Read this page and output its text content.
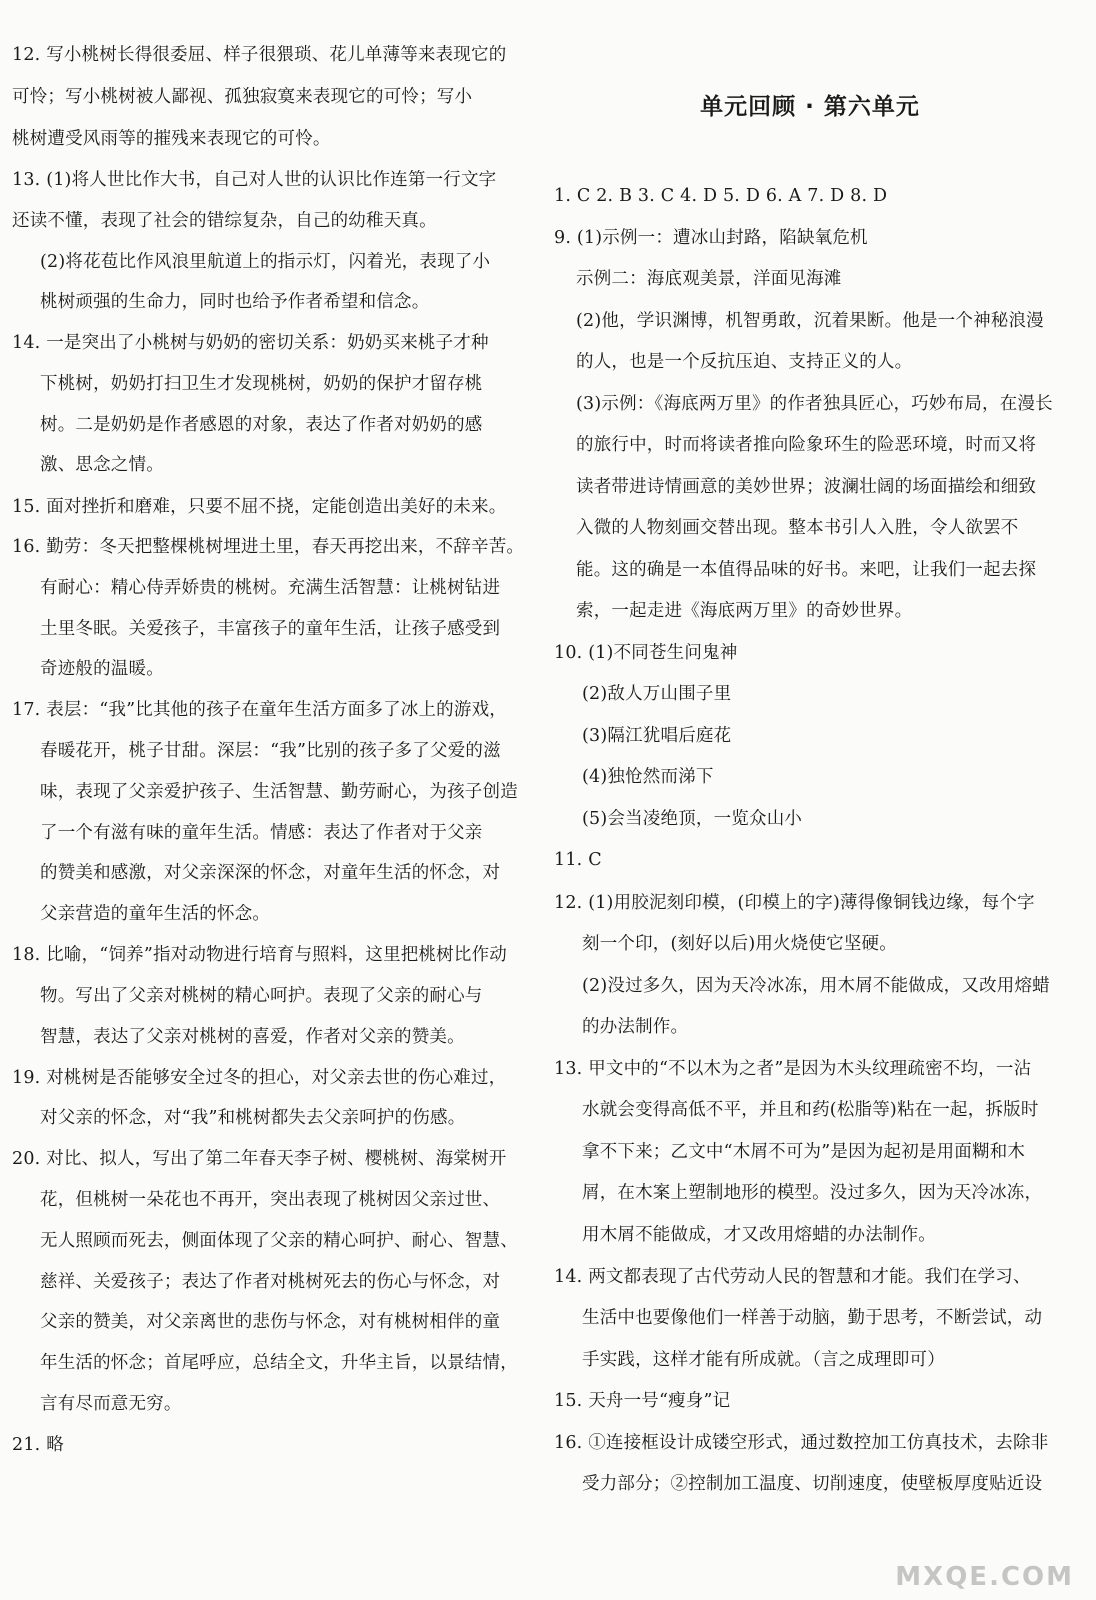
12. 写小桃树长得很委屈、样子很猥琐、花儿单薄等来表现它的
可怜；写小桃树被人鄙视、孤独寂寞来表现它的可怜；写小
桃树遭受风雨等的摧残来表现它的可怜。
13. (1)将人世比作大书，自己对人世的认识比作连第一行文字
还读不懂，表现了社会的错综复杂，自己的幼稚天真。
(2)将花苞比作风浪里航道上的指示灯，闪着光，表现了小
桃树顽强的生命力，同时也给予作者希望和信念。
14. 一是突出了小桃树与奶奶的密切关系：奶奶买来桃子才种
下桃树，奶奶打扫卫生才发现桃树，奶奶的保护才留存桃
树。二是奶奶是作者感恩的对象，表达了作者对奶奶的感
激、思念之情。
15. 面对挫折和磨难，只要不屈不挠，定能创造出美好的未来。
16. 勤劳：冬天把整棵桃树埋进土里，春天再挖出来，不辞辛苦。
有耐心：精心侍弄娇贵的桃树。充满生活智慧：让桃树钻进
土里冬眠。关爱孩子，丰富孩子的童年生活，让孩子感受到
奇迹般的温暖。
17. 表层：“我”比其他的孩子在童年生活方面多了冰上的游戏，
春暖花开，桃子甘甜。深层：“我”比别的孩子多了父爱的滋
味，表现了父亲爱护孩子、生活智慧、勤劳耐心，为孩子创造
了一个有滋有味的童年生活。情感：表达了作者对于父亲
的赞美和感激，对父亲深深的怀念，对童年生活的怀念，对
父亲营造的童年生活的怀念。
18. 比喻，“饲养”指对动物进行培育与照料，这里把桃树比作动
物。写出了父亲对桃树的精心呵护。表现了父亲的耐心与
智慧，表达了父亲对桃树的喜爱，作者对父亲的赞美。
19. 对桃树是否能够安全过冬的担心，对父亲去世的伤心难过，
对父亲的怀念，对“我”和桃树都失去父亲呵护的伤感。
20. 对比、拟人，写出了第二年春天李子树、樱桃树、海棠树开
花，但桃树一朵花也不再开，突出表现了桃树因父亲过世、
无人照顾而死去，侧面体现了父亲的精心呵护、耐心、智慧、
慈祥、关爱孩子；表达了作者对桃树死去的伤心与怀念，对
父亲的赞美，对父亲离世的悲伤与怀念，对有桃树相伴的童
年生活的怀念；首尾呼应，总结全文，升华主旨，以景结情，
言有尽而意无穷。
21. 略
单元回顾 · 第六单元
1. C 2. B 3. C 4. D 5. D 6. A 7. D 8. D
9. (1)示例一：遭冰山封路，陷缺氧危机
示例二：海底观美景，洋面见海滩
(2)他，学识渊博，机智勇敢，沉着果断。他是一个神秘浪漫
的人，也是一个反抗压迫、支持正义的人。
(3)示例：《海底两万里》的作者独具匠心，巧妙布局，在漫长
的旅行中，时而将读者推向险象环生的险恶环境，时而又将
读者带进诗情画意的美妙世界；波澜壮阔的场面描绘和细致
入微的人物刻画交替出现。整本书引人入胜，令人欲罢不
能。这的确是一本值得品味的好书。来吧，让我们一起去探
索，一起走进《海底两万里》的奇妙世界。
10. (1)不同苍生问鬼神
(2)敌人万山围子里
(3)隔江犹唱后庭花
(4)独怆然而涕下
(5)会当凌绝顶，一览众山小
11. C
12. (1)用胶泥刻印模，(印模上的字)薄得像铜钱边缘，每个字
刻一个印，(刻好以后)用火烧使它坚硬。
(2)没过多久，因为天冷冰冻，用木屑不能做成，又改用熔蜡
的办法制作。
13. 甲文中的“不以木为之者”是因为木头纹理疏密不均，一沾
水就会变得高低不平，并且和药(松脂等)粘在一起，拆版时
拿不下来；乙文中“木屑不可为”是因为起初是用面糊和木
屑，在木案上塑制地形的模型。没过多久，因为天冷冰冻，
用木屑不能做成，才又改用熔蜡的办法制作。
14. 两文都表现了古代劳动人民的智慧和才能。我们在学习、
生活中也要像他们一样善于动脑，勤于思考，不断尝试，动
手实践，这样才能有所成就。（言之成理即可）
15. 天舟一号“瘦身”记
16. ①连接框设计成镂空形式，通过数控加工仿真技术，去除非
受力部分；②控制加工温度、切削速度，使壁板厚度贴近设
MXQE.COM
